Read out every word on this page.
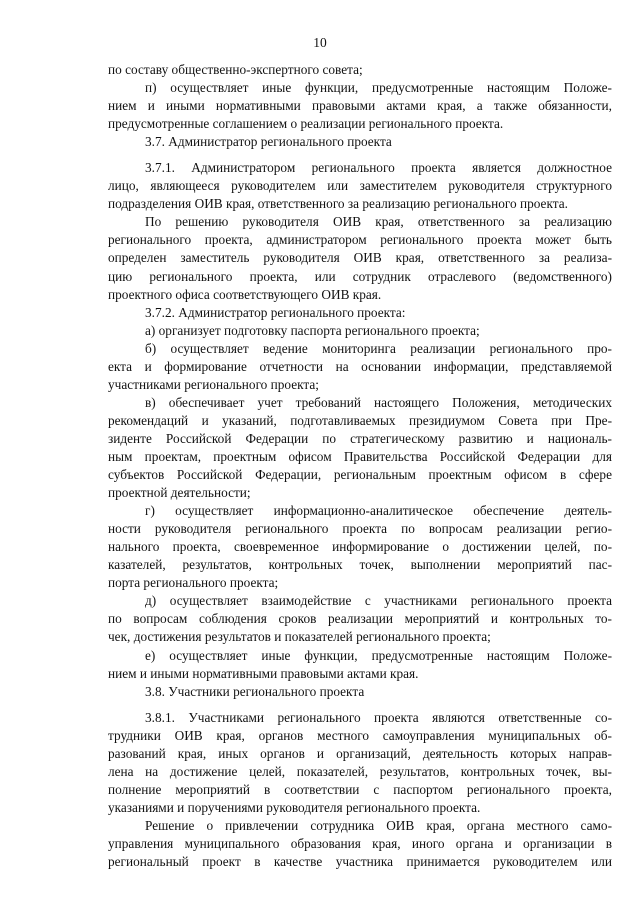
10
по составу общественно-экспертного совета;
п) осуществляет иные функции, предусмотренные настоящим Положе-
нием и иными нормативными правовыми актами края, а также обязанности,
предусмотренные соглашением о реализации регионального проекта.
3.7. Администратор регионального проекта
3.7.1. Администратором регионального проекта является должностное
лицо, являющееся руководителем или заместителем руководителя структурного
подразделения ОИВ края, ответственного за реализацию регионального проекта.
По решению руководителя ОИВ края, ответственного за реализацию
регионального проекта, администратором регионального проекта может быть
определен заместитель руководителя ОИВ края, ответственного за реализа-
цию регионального проекта, или сотрудник отраслевого (ведомственного)
проектного офиса соответствующего ОИВ края.
3.7.2. Администратор регионального проекта:
а) организует подготовку паспорта регионального проекта;
б) осуществляет ведение мониторинга реализации регионального про-
екта и формирование отчетности на основании информации, представляемой
участниками регионального проекта;
в) обеспечивает учет требований настоящего Положения, методических
рекомендаций и указаний, подготавливаемых президиумом Совета при Пре-
зиденте Российской Федерации по стратегическому развитию и националь-
ным проектам, проектным офисом Правительства Российской Федерации для
субъектов Российской Федерации, региональным проектным офисом в сфере
проектной деятельности;
г) осуществляет информационно-аналитическое обеспечение деятель-
ности руководителя регионального проекта по вопросам реализации регио-
нального проекта, своевременное информирование о достижении целей, по-
казателей, результатов, контрольных точек, выполнении мероприятий пас-
порта регионального проекта;
д) осуществляет взаимодействие с участниками регионального проекта
по вопросам соблюдения сроков реализации мероприятий и контрольных то-
чек, достижения результатов и показателей регионального проекта;
е) осуществляет иные функции, предусмотренные настоящим Положе-
нием и иными нормативными правовыми актами края.
3.8. Участники регионального проекта
3.8.1. Участниками регионального проекта являются ответственные со-
трудники ОИВ края, органов местного самоуправления муниципальных об-
разований края, иных органов и организаций, деятельность которых направ-
лена на достижение целей, показателей, результатов, контрольных точек, вы-
полнение мероприятий в соответствии с паспортом регионального проекта,
указаниями и поручениями руководителя регионального проекта.
Решение о привлечении сотрудника ОИВ края, органа местного само-
управления муниципального образования края, иного органа и организации в
региональный проект в качестве участника принимается руководителем или
